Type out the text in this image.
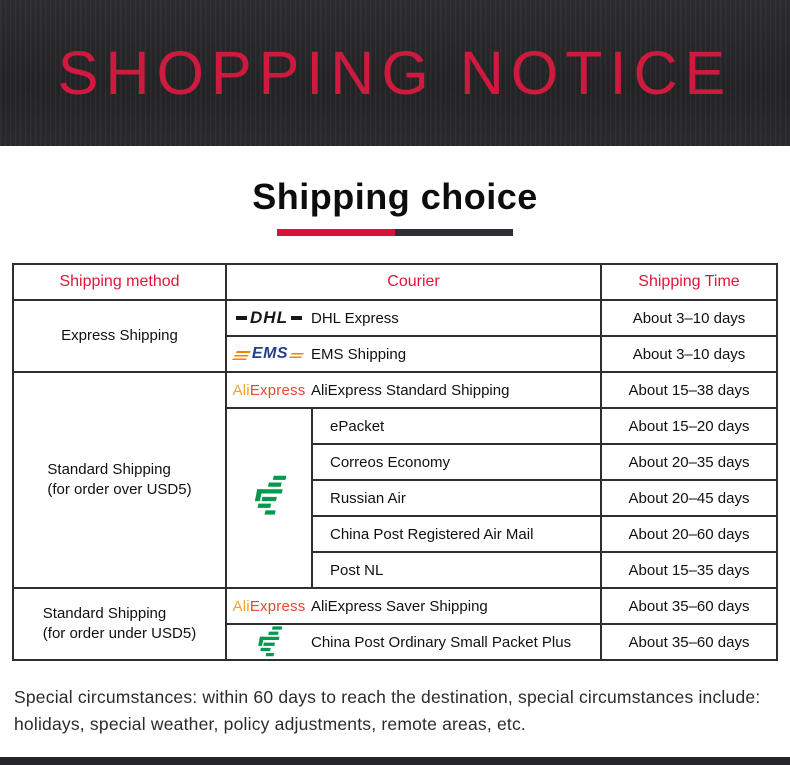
SHOPPING NOTICE
Shipping choice
Shipping method	Courier		Shipping Time
Express Shipping	DHL DHL Express		About 3–10 days

	EMS EMS Shipping		About 3–10 days
Standard Shipping
(for order over USD5)	AliExpress AliExpress Standard Shipping		About 15–38 days
	ePacket	About 15–20 days
		Correos Economy	About 20–35 days
		Russian Air	About 20–45 days
		China Post Registered Air Mail	About 20–60 days
		Post NL	About 15–35 days
Standard Shipping
(for order under USD5)	AliExpress AliExpress Saver Shipping		About 35–60 days

	China Post Ordinary Small Packet Plus		About 35–60 days
Special circumstances: within 60 days to reach the destination, special circumstances include: holidays, special weather, policy adjustments, remote areas, etc.
